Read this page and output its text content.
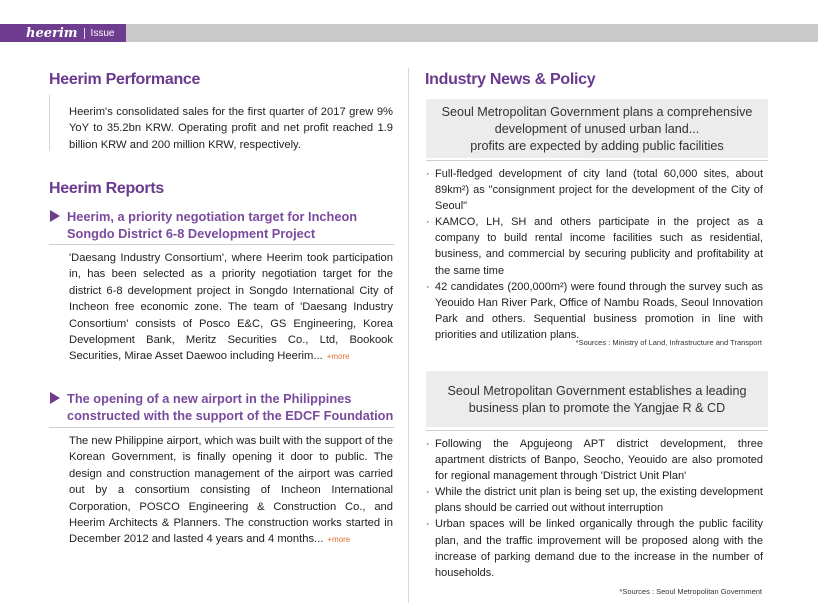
heerim Issue
Heerim Performance
Heerim's consolidated sales for the first quarter of 2017 grew 9% YoY to 35.2bn KRW. Operating profit and net profit reached 1.9 billion KRW and 200 million KRW, respectively.
Heerim Reports
Heerim, a priority negotiation target for Incheon Songdo District 6-8 Development Project
'Daesang Industry Consortium', where Heerim took participation in, has been selected as a priority negotiation target for the district 6-8 development project in Songdo International City of Incheon free economic zone. The team of 'Daesang Industry Consortium' consists of Posco E&C, GS Engineering, Korea Development Bank, Meritz Securities Co., Ltd, Bookook Securities, Mirae Asset Daewoo including Heerim... +more
The opening of a new airport in the Philippines constructed with the support of the EDCF Foundation
The new Philippine airport, which was built with the support of the Korean Government, is finally opening it door to public. The design and construction management of the airport was carried out by a consortium consisting of Incheon International Corporation, POSCO Engineering & Construction Co., and Heerim Architects & Planners. The construction works started in December 2012 and lasted 4 years and 4 months... +more
Industry News & Policy
Seoul Metropolitan Government plans a comprehensive
development of unused urban land...
profits are expected by adding public facilities
· Full-fledged development of city land (total 60,000 sites, about 89km²) as "consignment project for the development of the City of Seoul"
· KAMCO, LH, SH and others participate in the project as a company to build rental income facilities such as residential, business, and commercial by securing publicity and profitability at the same time
· 42 candidates (200,000m²) were found through the survey such as Yeouido Han River Park, Office of Nambu Roads, Seoul Innovation Park and others. Sequential business promotion in line with priorities and utilization plans.
*Sources : Ministry of Land, Infrastructure and Transport
Seoul Metropolitan Government establishes a leading
business plan to promote the Yangjae R & CD
· Following the Apgujeong APT district development, three apartment districts of Banpo, Seocho, Yeouido are also promoted for regional management through 'District Unit Plan'
· While the district unit plan is being set up, the existing development plans should be carried out without interruption
· Urban spaces will be linked organically through the public facility plan, and the traffic improvement will be proposed along with the increase of parking demand due to the increase in the number of households.
*Sources : Seoul Metropolitan Government
